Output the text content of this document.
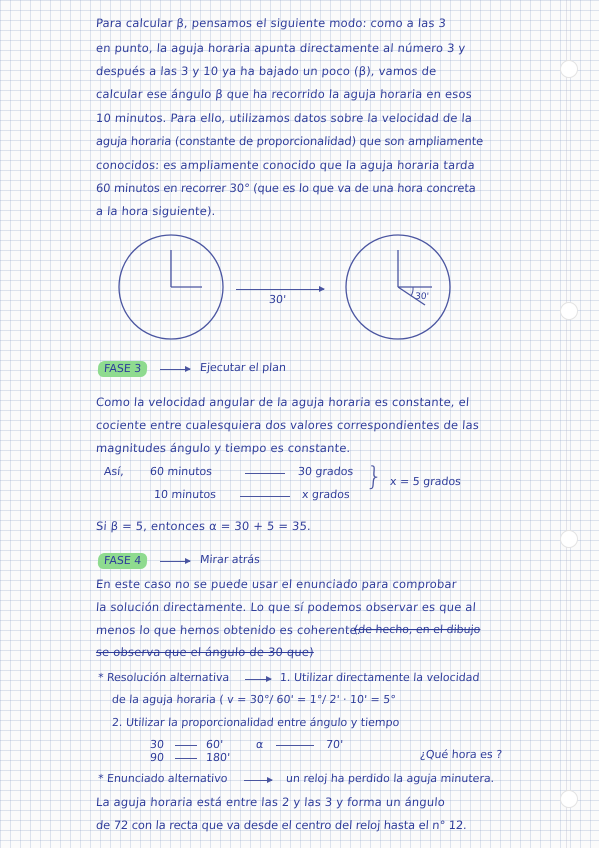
Para calcular β, pensamos el siguiente modo: como a las 3
en punto, la aguja horaria apunta directamente al número 3 y
después a las 3 y 10 ya ha bajado un poco (β), vamos de
calcular ese ángulo β que ha recorrido la aguja horaria en esos
10 minutos. Para ello, utilizamos datos sobre la velocidad de la
aguja horaria (constante de proporcionalidad) que son ampliamente
conocidos: es ampliamente conocido que la aguja horaria tarda
60 minutos en recorrer 30° (que es lo que va de una hora concreta
a la hora siguiente).
30'	30'
FASE 3	Ejecutar el plan
Como la velocidad angular de la aguja horaria es constante, el
cociente entre cualesquiera dos valores correspondientes de las
magnitudes ángulo y tiempo es constante.
Así, 60 minutos	30 grados
10 minutos	x grados
} x = 5 grados
Si β = 5, entonces α = 30 + 5 = 35.
FASE 4	Mirar atrás
En este caso no se puede usar el enunciado para comprobar
la solución directamente. Lo que sí podemos observar es que al
menos lo que hemos obtenido es coherente.
(de hecho, en el dibujo
se observa que el ángulo de 30 que)
* Resolución alternativa	1. Utilizar directamente la velocidad
de la aguja horaria ( v = 30°/ 60' = 1°/ 2' · 10' = 5°
2. Utilizar la proporcionalidad entre ángulo y tiempo
30	60'	α	70'
90	180'	¿Qué hora es ?
* Enunciado alternativo	un reloj ha perdido la aguja minutera.
La aguja horaria está entre las 2 y las 3 y forma un ángulo
de 72 con la recta que va desde el centro del reloj hasta el n° 12.
